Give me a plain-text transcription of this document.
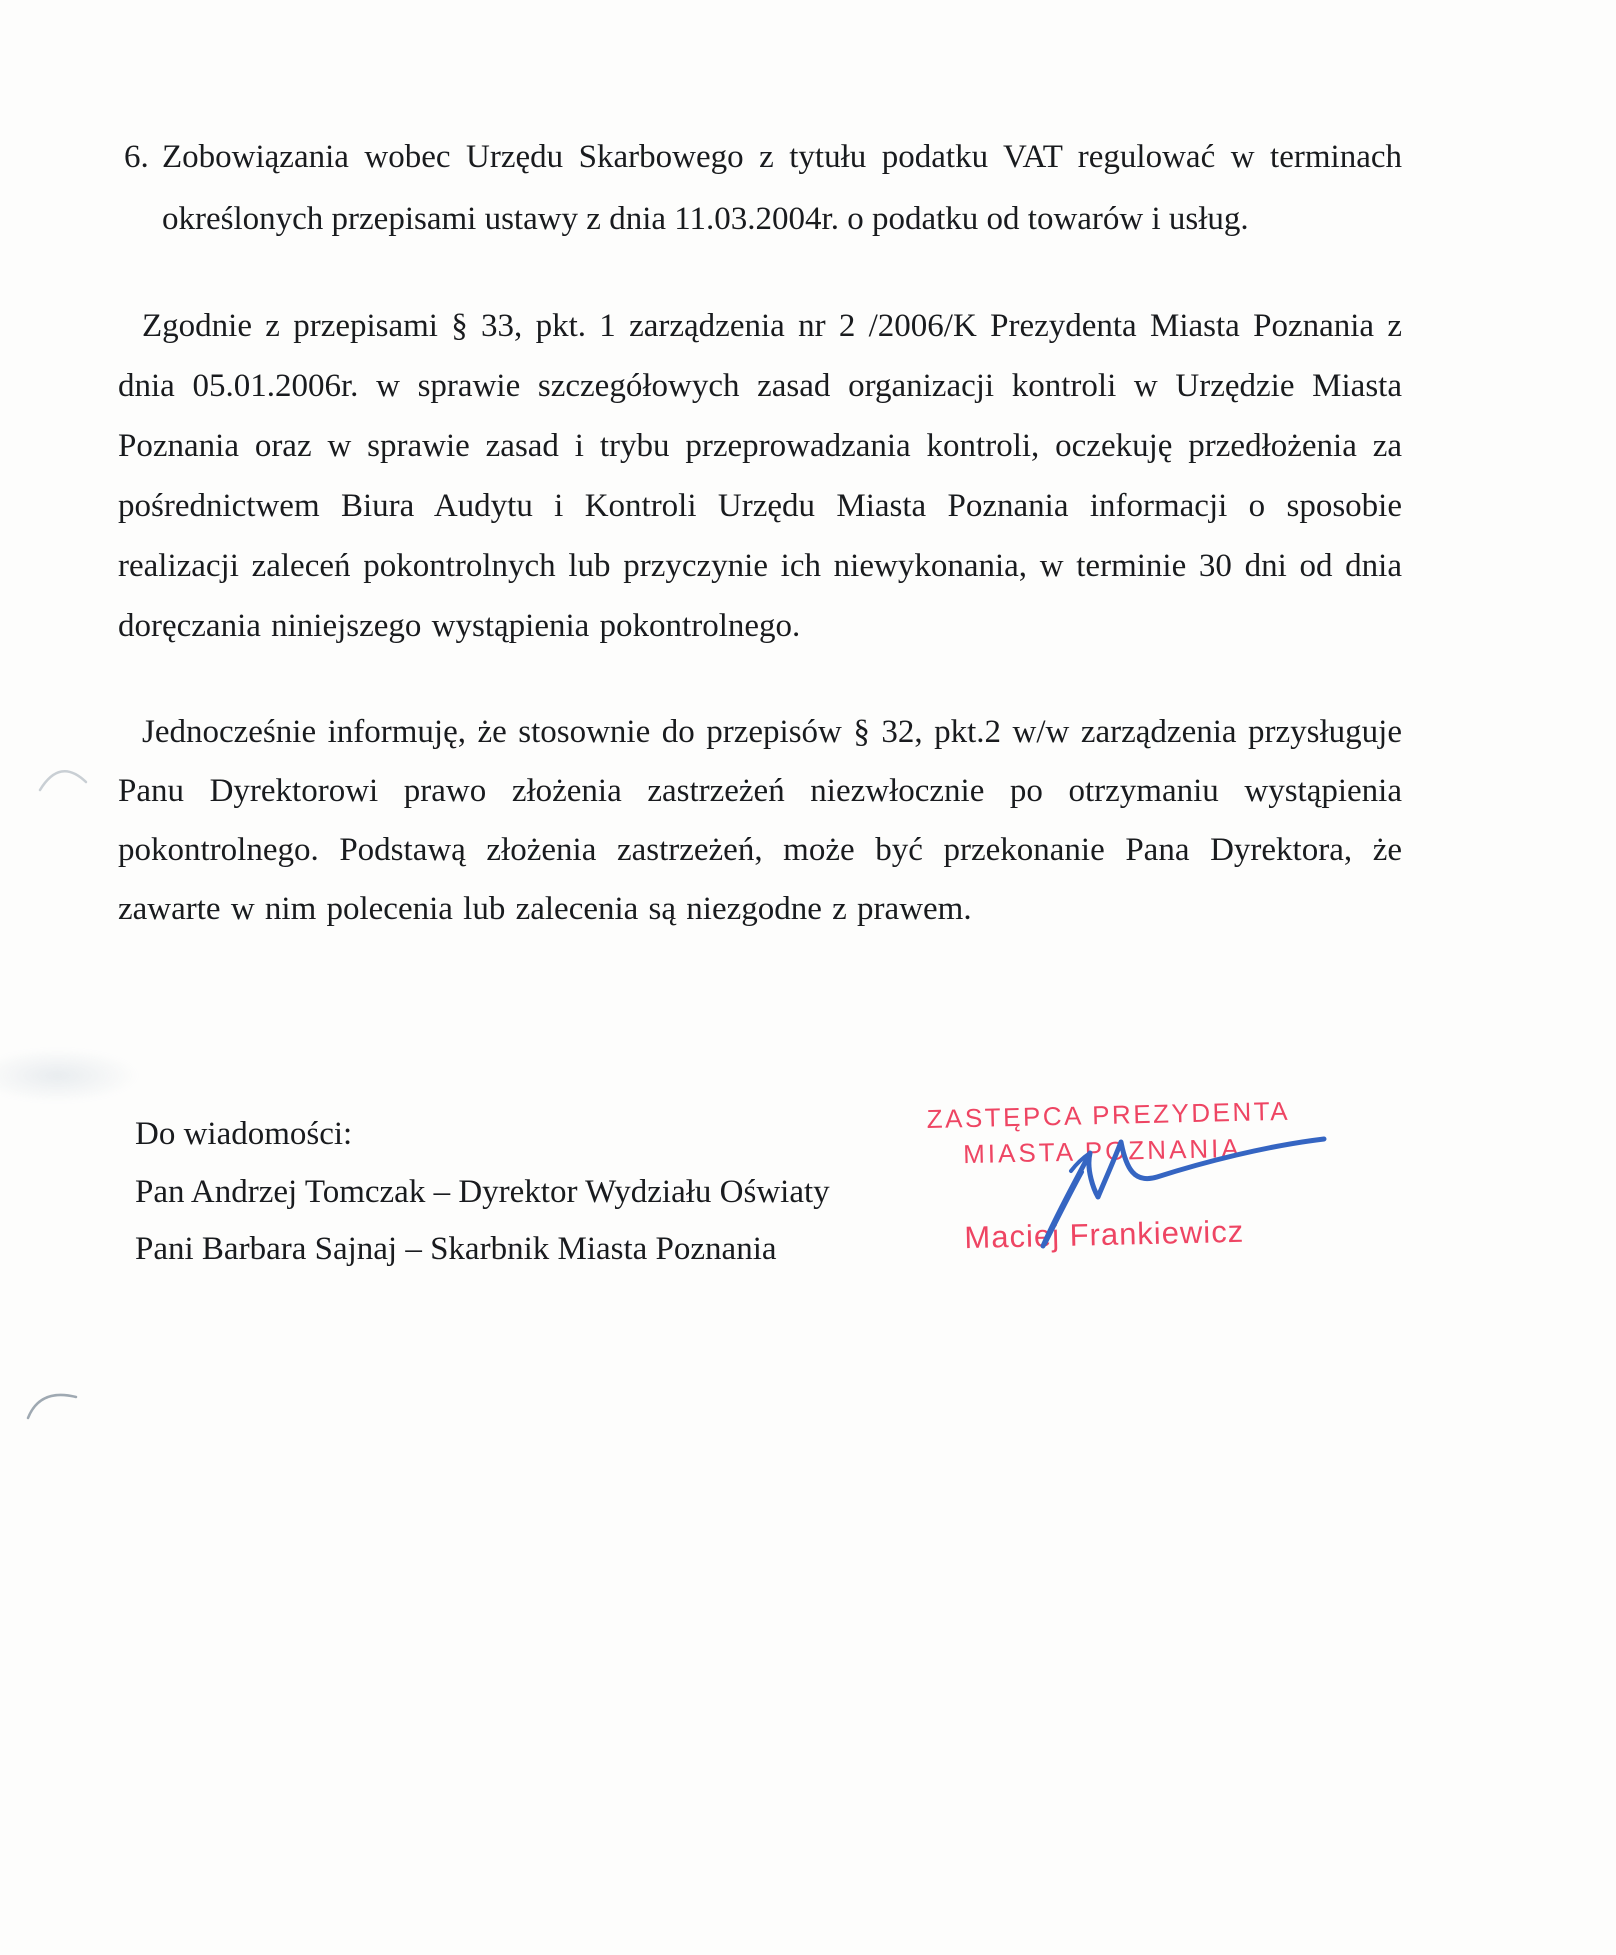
6. Zobowiązania wobec Urzędu Skarbowego z tytułu podatku VAT regulować w terminach określonych przepisami ustawy z dnia 11.03.2004r. o podatku od towarów i usług.
Zgodnie z przepisami § 33, pkt. 1 zarządzenia nr 2 /2006/K Prezydenta Miasta Poznania z dnia 05.01.2006r. w sprawie szczegółowych zasad organizacji kontroli w Urzędzie Miasta Poznania oraz w sprawie zasad i trybu przeprowadzania kontroli, oczekuję przedłożenia za pośrednictwem Biura Audytu i Kontroli Urzędu Miasta Poznania informacji o sposobie realizacji zaleceń pokontrolnych lub przyczynie ich niewykonania, w terminie 30 dni od dnia doręczania niniejszego wystąpienia pokontrolnego.
Jednocześnie informuję, że stosownie do przepisów § 32, pkt.2 w/w zarządzenia przysługuje Panu Dyrektorowi prawo złożenia zastrzeżeń niezwłocznie po otrzymaniu wystąpienia pokontrolnego. Podstawą złożenia zastrzeżeń, może być przekonanie Pana Dyrektora, że zawarte w nim polecenia lub zalecenia są niezgodne z prawem.
Do wiadomości:
Pan Andrzej Tomczak – Dyrektor Wydziału Oświaty
Pani Barbara Sajnaj – Skarbnik Miasta Poznania
ZASTĘPCA PREZYDENTA
MIASTA POZNANIA
Maciej Frankiewicz
